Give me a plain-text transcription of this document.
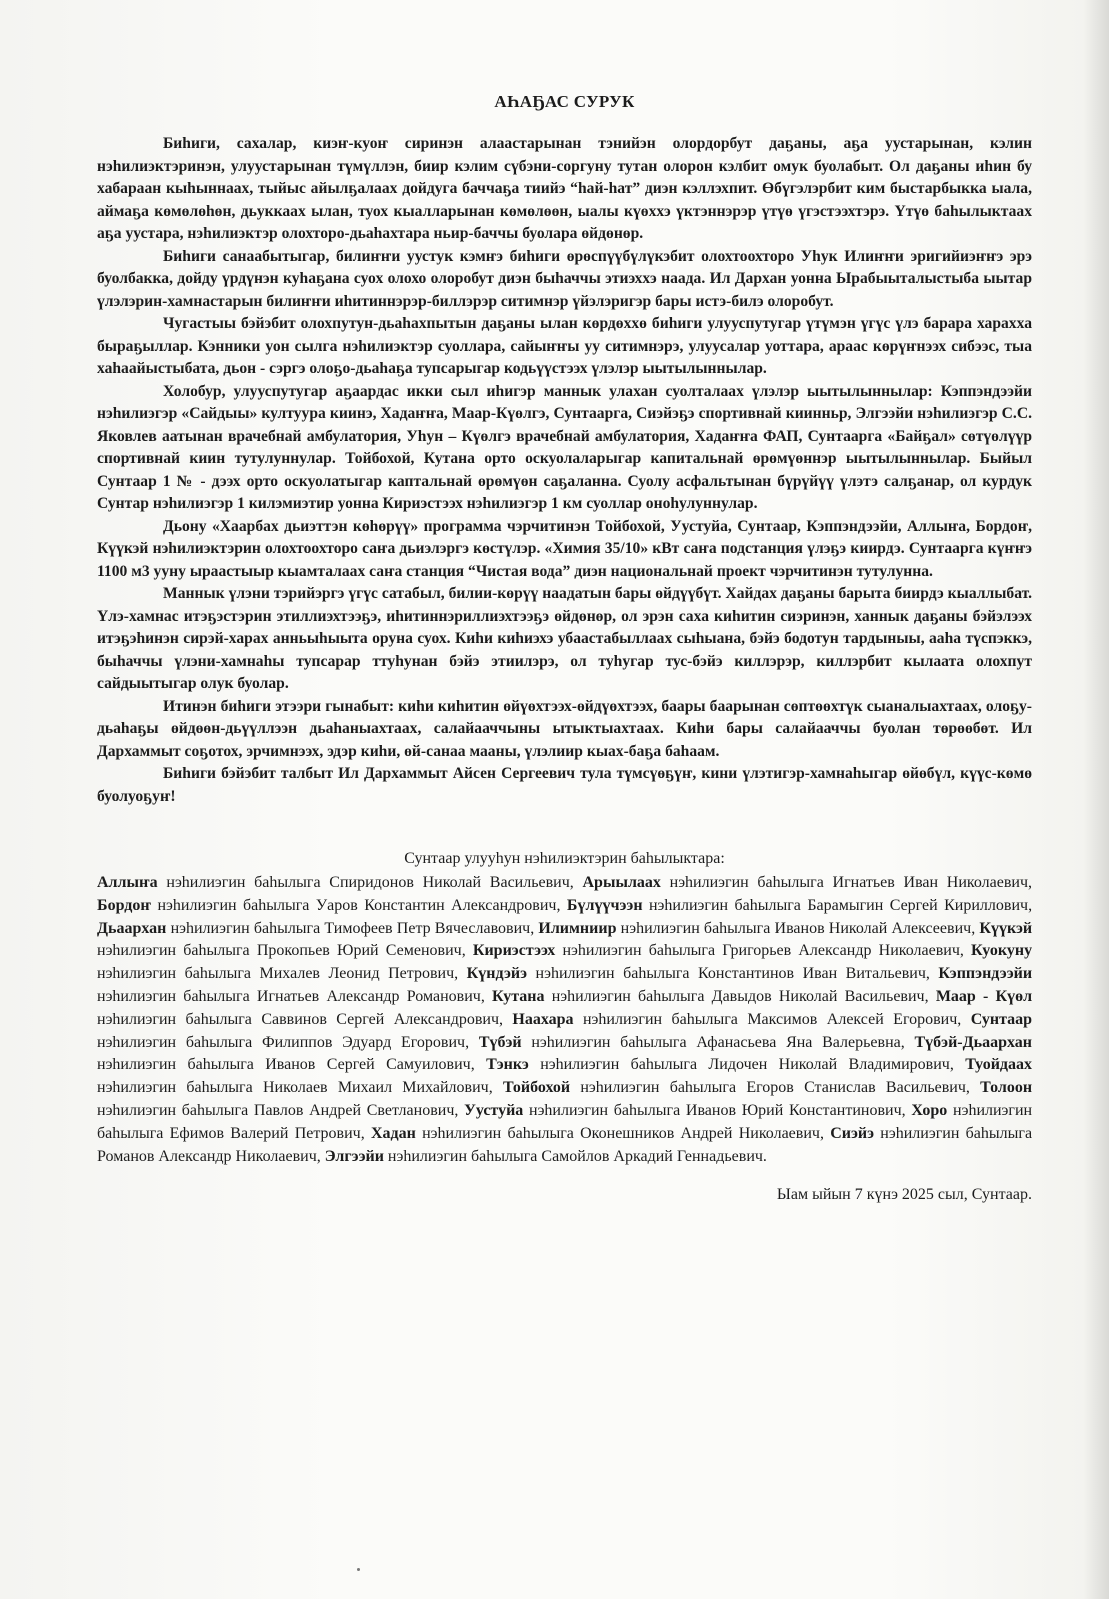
АҺАҔАС СУРУК

Биһиги, сахалар, киэҥ-куоҥ сиринэн алаастарынан тэнийэн олордорбут даҕаны, аҕа уустарынан, кэлин нэһилиэктэринэн, улуустарынан түмүллэн, биир кэлим сүбэни-соргуну тутан олорон кэлбит омук буолабыт. Ол даҕаны иһин бу хабараан кыһыннаах, тыйыс айылҕалаах дойдуга баччаҕа тиийэ “һай-һат” диэн кэллэхпит. Өбүгэлэрбит ким быстарбыкка ыала, аймаҕа көмөлөһөн, дьуккаах ылан, туох кыалларынан көмөлөөн, ыалы күөххэ үктэннэрэр үтүө үгэстээхтэрэ. Үтүө баһылыктаах аҕа уустара, нэһилиэктэр олохторо-дьаһахтара ньир-баччы буолара өйдөнөр.

Биһиги санаабытыгар, билиҥҥи уустук кэмҥэ биһиги өрөспүүбүлүкэбит олохтоохторо Уһук Илиҥҥи эригийиэҥҥэ эрэ буолбакка, дойду үрдүнэн куһаҕана суох олохо олоробут диэн быһаччы этиэххэ наада. Ил Дархан уонна Ырабыыталыстыба ыытар үлэлэрин-хамнастарын билиҥҥи иһитиннэрэр-биллэрэр ситимнэр үйэлэригэр бары истэ-билэ олоробут.

Чугастыы бэйэбит олохпутун-дьаһахпытын даҕаны ылан көрдөххө биһиги улууспутугар үтүмэн үгүс үлэ барара харахха быраҕыллар. Кэнники уон сылга нэһилиэктэр суоллара, сайыҥҥы уу ситимнэрэ, улуусалар уоттара, араас көрүҥнээх сибээс, тыа хаһаайыстыбата, дьон - сэргэ олоҕо-дьаһаҕа тупсарыгар кодьүүстээх үлэлэр ыытылыннылар.

Холобур, улууспутугар аҕаардас икки сыл иһигэр маннык улахан суолталаах үлэлэр ыытылыннылар: Кэппэндээйи нэһилиэгэр «Сайдыы» култуура киинэ, Хадаҥҥа, Маар-Күөлгэ, Сунтаарга, Сиэйэҕэ спортивнай киинньр, Элгээйи нэһилиэгэр С.С. Яковлев аатынан врачебнай амбулатория, Уһун – Күөлгэ врачебнай амбулатория, Хадаҥҥа ФАП, Сунтаарга «Байҕал» сөтүөлүүр спортивнай киин тутулуннулар. Тойбохой, Кутана орто оскуолаларыгар капитальнай өрөмүөннэр ыытылыннылар. Быйыл Сунтаар 1 № - дээх орто оскуолатыгар каптальнай өрөмүөн саҕаланна. Суолу асфальтынан бүрүйүү үлэтэ салҕанар, ол курдук Сунтар нэһилиэгэр 1 килэмиэтир уонна Кириэстээх нэһилиэгэр 1 км суоллар оноһулуннулар.

Дьону «Хаарбах дьиэттэн көһөрүү» программа чэрчитинэн Тойбохой, Уустуйа, Сунтаар, Кэппэндээйи, Аллыҥа, Бордоҥ, Күүкэй нэһилиэктэрин олохтоохторо саҥа дьиэлэргэ көстүлэр. «Химия 35/10» кВт саҥа подстанция үлэҕэ киирдэ. Сунтаарга күҥҥэ 1100 м3 ууну ыраастыыр кыамталаах саҥа станция “Чистая вода” диэн национальнай проект чэрчитинэн тутулунна.

Маннык үлэни тэрийэргэ үгүс сатабыл, билии-көрүү наадатын бары өйдүүбүт. Хайдах даҕаны барыта биирдэ кыаллыбат. Үлэ-хамнас итэҕэстэрин этиллиэхтээҕэ, иһитиннэриллиэхтээҕэ өйдөнөр, ол эрэн саха киһитин сиэринэн, ханнык даҕаны бэйэлээх итэҕэһинэн сирэй-харах анньыһыыта оруна суох. Киһи киһиэхэ убаастабыллаах сыһыана, бэйэ бодотун тардыныы, ааһа түспэккэ, быһаччы үлэни-хамнаһы тупсарар ттуһунан бэйэ этиилэрэ, ол туһугар тус-бэйэ киллэрэр, киллэрбит кылаата олохпут сайдыытыгар олук буолар.

Итинэн биһиги этээри гынабыт: киһи киһитин өйүөхтээх-өйдүөхтээх, баары баарынан сөптөөхтүк сыаналыахтаах, олоҕу-дьаһаҕы өйдөөн-дьүүллээн дьаһаныахтаах, салайааччыны ытыктыахтаах. Киһи бары салайааччы буолан төрөөбөт. Ил Дархаммыт соҕотох, эрчимнээх, эдэр киһи, өй-санаа мааны, үлэлиир кыах-баҕа баһаам.

Биһиги бэйэбит талбыт Ил Дархаммыт Айсен Сергеевич тула түмсүөҕүҥ, кини үлэтигэр-хамнаһыгар өйөбүл, күүс-көмө буолуоҕуҥ!

Сунтаар улууһун нэһилиэктэрин баһылыктара:

Аллыҥа нэһилиэгин баһылыга Спиридонов Николай Васильевич, Арыылаах нэһилиэгин баһылыга Игнатьев Иван Николаевич, Бордоҥ нэһилиэгин баһылыга Уаров Константин Александрович, Бүлүүчээн нэһилиэгин баһылыга Барамыгин Сергей Кириллович, Дьаархан нэһилиэгин баһылыга Тимофеев Петр Вячеславович, Илимниир нэһилиэгин баһылыга Иванов Николай Алексеевич, Күүкэй нэһилиэгин баһылыга Прокопьев Юрий Семенович, Кириэстээх нэһилиэгин баһылыга Григорьев Александр Николаевич, Куокуну нэһилиэгин баһылыга Михалев Леонид Петрович, Күндэйэ нэһилиэгин баһылыга Константинов Иван Витальевич, Кэппэндээйи нэһилиэгин баһылыга Игнатьев Александр Романович, Кутана нэһилиэгин баһылыга Давыдов Николай Васильевич, Маар - Күөл нэһилиэгин баһылыга Саввинов Сергей Александрович, Наахара нэһилиэгин баһылыга Максимов Алексей Егорович, Сунтаар нэһилиэгин баһылыга Филиппов Эдуард Егорович, Түбэй нэһилиэгин баһылыга Афанасьева Яна Валерьевна, Түбэй-Дьаархан нэһилиэгин баһылыга Иванов Сергей Самуилович, Тэнкэ нэһилиэгин баһылыга Лидочен Николай Владимирович, Туойдаах нэһилиэгин баһылыга Николаев Михаил Михайлович, Тойбохой нэһилиэгин баһылыга Егоров Станислав Васильевич, Толоон нэһилиэгин баһылыга Павлов Андрей Светланович, Уустуйа нэһилиэгин баһылыга Иванов Юрий Константинович, Хоро нэһилиэгин баһылыга Ефимов Валерий Петрович, Хадан нэһилиэгин баһылыга Оконешников Андрей Николаевич, Сиэйэ нэһилиэгин баһылыга Романов Александр Николаевич, Элгээйи нэһилиэгин баһылыга Самойлов Аркадий Геннадьевич.

Ыам ыйын 7 күнэ 2025 сыл, Сунтаар.
